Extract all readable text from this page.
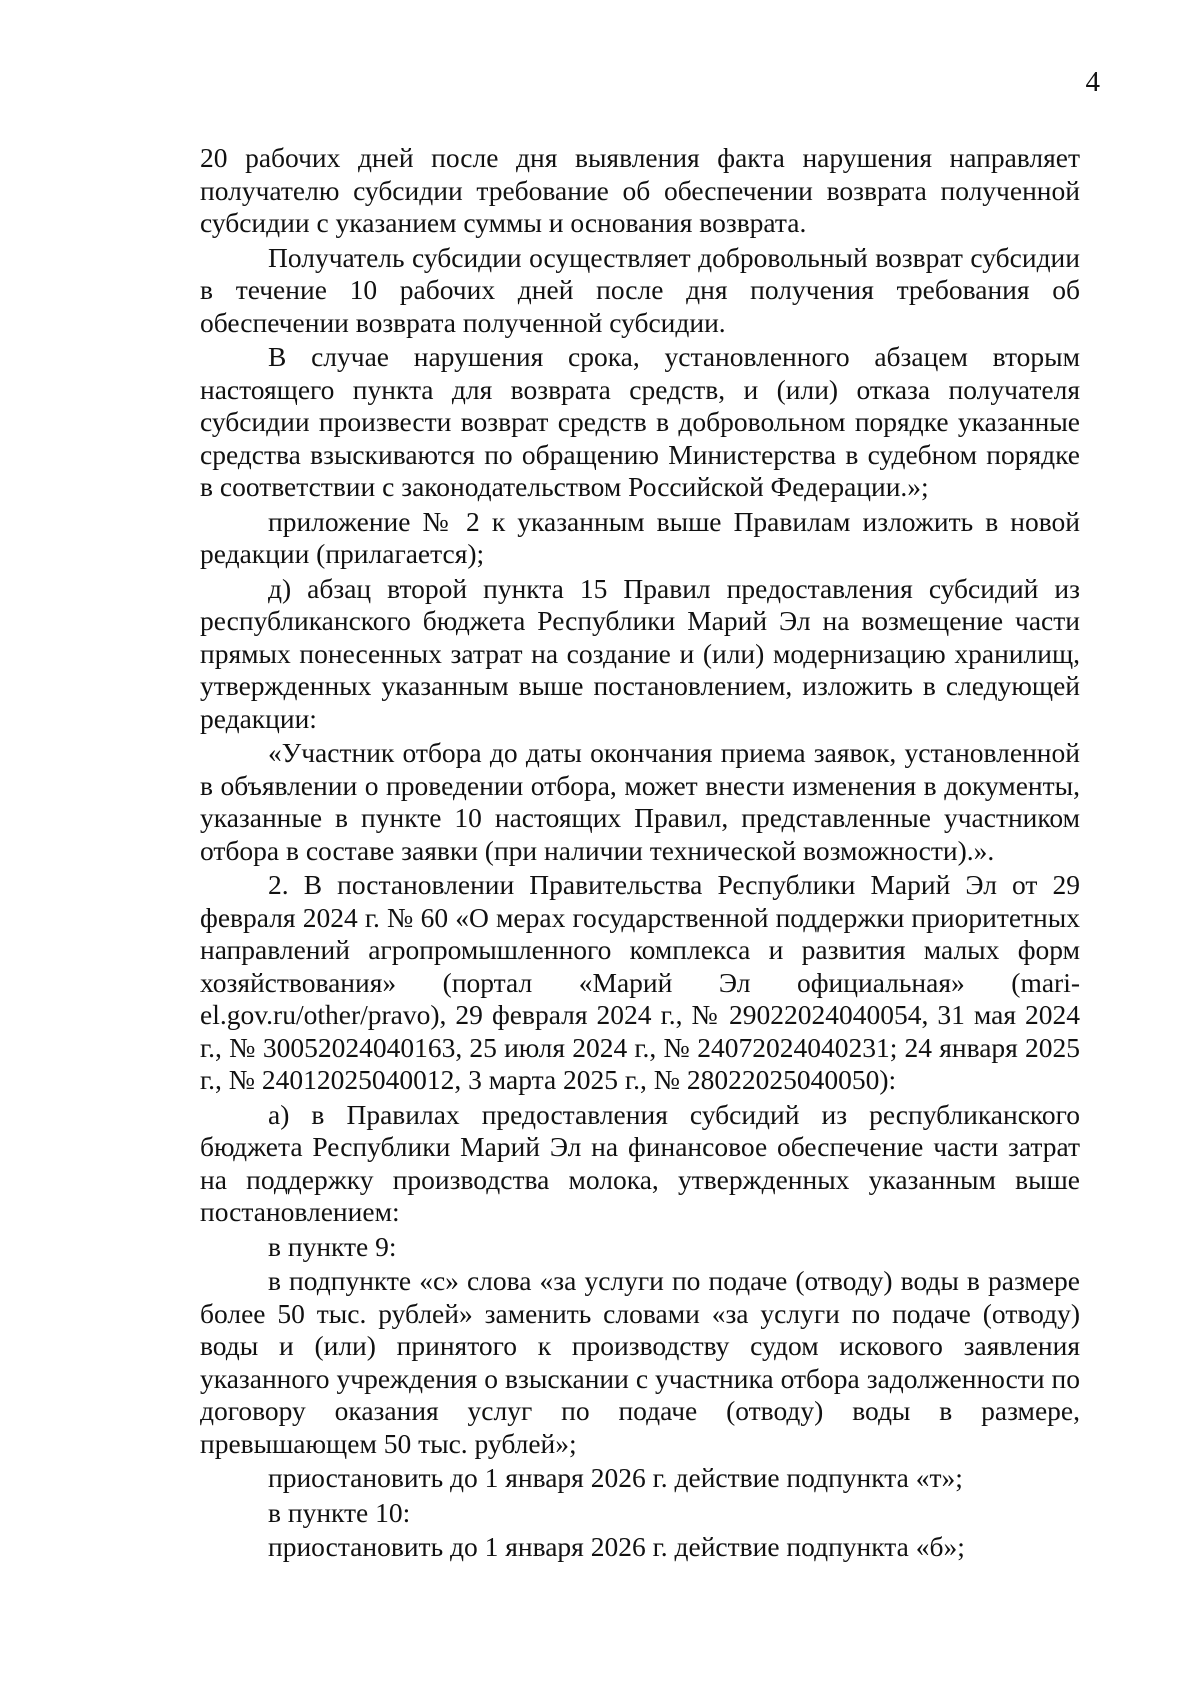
4

20 рабочих дней после дня выявления факта нарушения направляет получателю субсидии требование об обеспечении возврата полученной субсидии с указанием суммы и основания возврата.

Получатель субсидии осуществляет добровольный возврат субсидии в течение 10 рабочих дней после дня получения требования об обеспечении возврата полученной субсидии.

В случае нарушения срока, установленного абзацем вторым настоящего пункта для возврата средств, и (или) отказа получателя субсидии произвести возврат средств в добровольном порядке указанные средства взыскиваются по обращению Министерства в судебном порядке в соответствии с законодательством Российской Федерации.»;

приложение № 2 к указанным выше Правилам изложить в новой редакции (прилагается);

д) абзац второй пункта 15 Правил предоставления субсидий из республиканского бюджета Республики Марий Эл на возмещение части прямых понесенных затрат на создание и (или) модернизацию хранилищ, утвержденных указанным выше постановлением, изложить в следующей редакции:

«Участник отбора до даты окончания приема заявок, установленной в объявлении о проведении отбора, может внести изменения в документы, указанные в пункте 10 настоящих Правил, представленные участником отбора в составе заявки (при наличии технической возможности).».

2. В постановлении Правительства Республики Марий Эл от 29 февраля 2024 г. № 60 «О мерах государственной поддержки приоритетных направлений агропромышленного комплекса и развития малых форм хозяйствования» (портал «Марий Эл официальная» (mari-el.gov.ru/other/pravo), 29 февраля 2024 г., № 29022024040054, 31 мая 2024 г., № 30052024040163, 25 июля 2024 г., № 24072024040231; 24 января 2025 г., № 24012025040012, 3 марта 2025 г., № 28022025040050):

а) в Правилах предоставления субсидий из республиканского бюджета Республики Марий Эл на финансовое обеспечение части затрат на поддержку производства молока, утвержденных указанным выше постановлением:

в пункте 9:

в подпункте «с» слова «за услуги по подаче (отводу) воды в размере более 50 тыс. рублей» заменить словами «за услуги по подаче (отводу) воды и (или) принятого к производству судом искового заявления указанного учреждения о взыскании с участника отбора задолженности по договору оказания услуг по подаче (отводу) воды в размере, превышающем 50 тыс. рублей»;

приостановить до 1 января 2026 г. действие подпункта «т»;

в пункте 10:

приостановить до 1 января 2026 г. действие подпункта «б»;
